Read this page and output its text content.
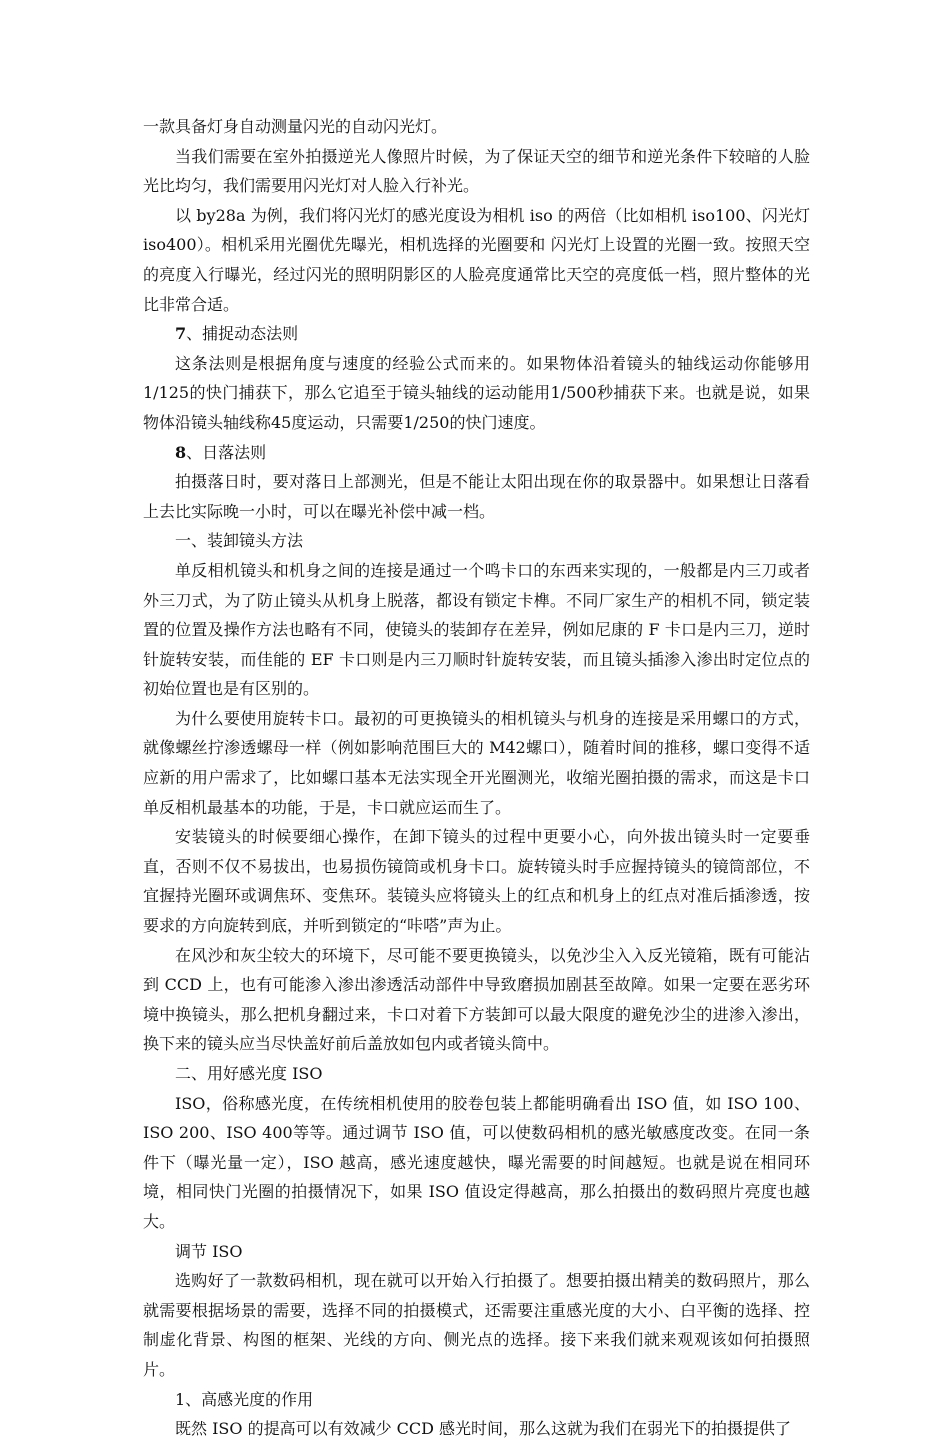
一款具备灯身自动测量闪光的自动闪光灯。

当我们需要在室外拍摄逆光人像照片时候，为了保证天空的细节和逆光条件下较暗的人脸光比均匀，我们需要用闪光灯对人脸入行补光。

以 by28a 为例，我们将闪光灯的感光度设为相机 iso 的两倍（比如相机 iso100、闪光灯 iso400）。相机采用光圈优先曝光，相机选择的光圈要和 闪光灯上设置的光圈一致。按照天空的亮度入行曝光，经过闪光的照明阴影区的人脸亮度通常比天空的亮度低一档，照片整体的光比非常合适。

7、捕捉动态法则

这条法则是根据角度与速度的经验公式而来的。如果物体沿着镜头的轴线运动你能够用 1/125的快门捕获下，那么它追至于镜头轴线的运动能用1/500秒捕获下来。也就是说，如果物体沿镜头轴线称45度运动，只需要1/250的快门速度。

8、日落法则

拍摄落日时，要对落日上部测光，但是不能让太阳出现在你的取景器中。如果想让日落看上去比实际晚一小时，可以在曝光补偿中减一档。

一、装卸镜头方法

单反相机镜头和机身之间的连接是通过一个鸣卡口的东西来实现的，一般都是内三刀或者外三刀式，为了防止镜头从机身上脱落，都设有锁定卡榫。不同厂家生产的相机不同，锁定装置的位置及操作方法也略有不同，使镜头的装卸存在差异，例如尼康的 F 卡口是内三刀，逆时针旋转安装，而佳能的 EF 卡口则是内三刀顺时针旋转安装，而且镜头插渗入渗出时定位点的初始位置也是有区别的。

为什么要使用旋转卡口。最初的可更换镜头的相机镜头与机身的连接是采用螺口的方式，就像螺丝拧渗透螺母一样（例如影响范围巨大的 M42螺口），随着时间的推移，螺口变得不适应新的用户需求了，比如螺口基本无法实现全开光圈测光，收缩光圈拍摄的需求，而这是卡口单反相机最基本的功能，于是，卡口就应运而生了。

安装镜头的时候要细心操作，在卸下镜头的过程中更要小心，向外拔出镜头时一定要垂直，否则不仅不易拔出，也易损伤镜筒或机身卡口。旋转镜头时手应握持镜头的镜筒部位，不宜握持光圈环或调焦环、变焦环。装镜头应将镜头上的红点和机身上的红点对准后插渗透，按要求的方向旋转到底，并听到锁定的“咔嗒”声为止。

在风沙和灰尘较大的环境下，尽可能不要更换镜头，以免沙尘入入反光镜箱，既有可能沾到 CCD 上，也有可能渗入渗出渗透活动部件中导致磨损加剧甚至故障。如果一定要在恶劣环境中换镜头，那么把机身翻过来，卡口对着下方装卸可以最大限度的避免沙尘的进渗入渗出，换下来的镜头应当尽快盖好前后盖放如包内或者镜头筒中。

二、用好感光度 ISO

ISO，俗称感光度，在传统相机使用的胶卷包装上都能明确看出 ISO 值，如 ISO 100、ISO 200、ISO 400等等。通过调节 ISO 值，可以使数码相机的感光敏感度改变。在同一条件下（曝光量一定），ISO 越高，感光速度越快，曝光需要的时间越短。也就是说在相同环境，相同快门光圈的拍摄情况下，如果 ISO 值设定得越高，那么拍摄出的数码照片亮度也越大。

调节 ISO

选购好了一款数码相机，现在就可以开始入行拍摄了。想要拍摄出精美的数码照片，那么就需要根据场景的需要，选择不同的拍摄模式，还需要注重感光度的大小、白平衡的选择、控制虚化背景、构图的框架、光线的方向、侧光点的选择。接下来我们就来观观该如何拍摄照片。

1、高感光度的作用

既然 ISO 的提高可以有效减少 CCD 感光时间，那么这就为我们在弱光下的拍摄提供了
